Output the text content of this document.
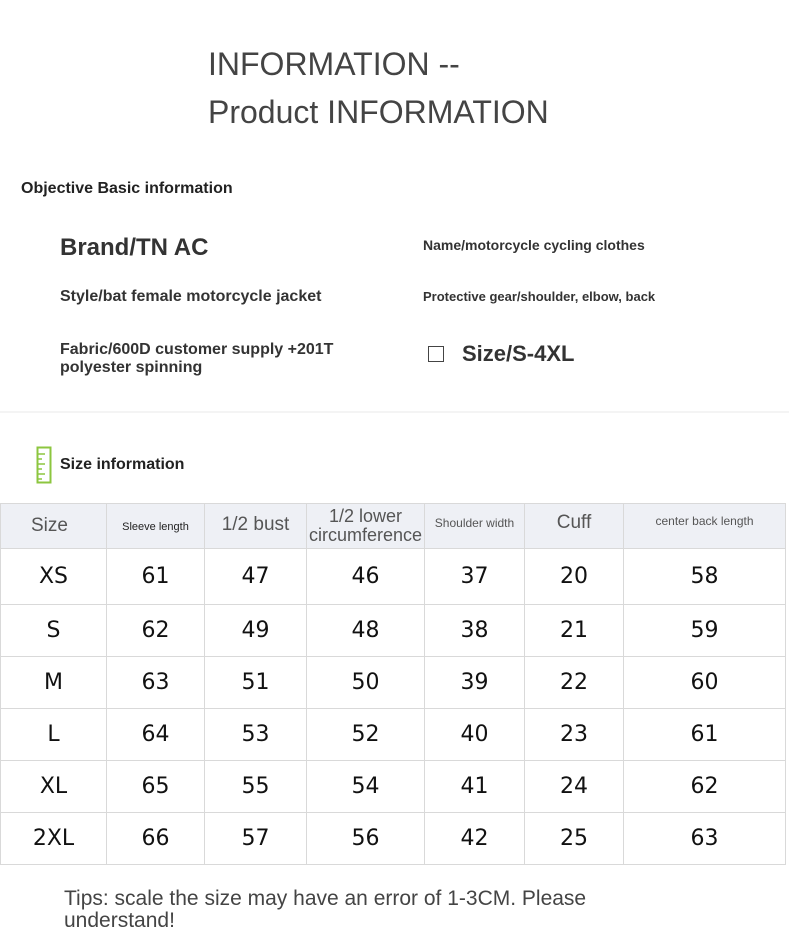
INFORMATION --
Product INFORMATION
Objective Basic information
Brand/TN AC	Name/motorcycle cycling clothes
Style/bat female motorcycle jacket	Protective gear/shoulder, elbow, back
Fabric/600D customer supply +201T polyester spinning
Size/S-4XL
Size information
Size	Sleeve length	1/2 bust	1/2 lower circumference	Shoulder width	Cuff	center back length
XS	61	47	46	37	20	58
S	62	49	48	38	21	59
M	63	51	50	39	22	60
L	64	53	52	40	23	61
XL	65	55	54	41	24	62
2XL	66	57	56	42	25	63
Tips: scale the size may have an error of 1-3CM. Please understand!
